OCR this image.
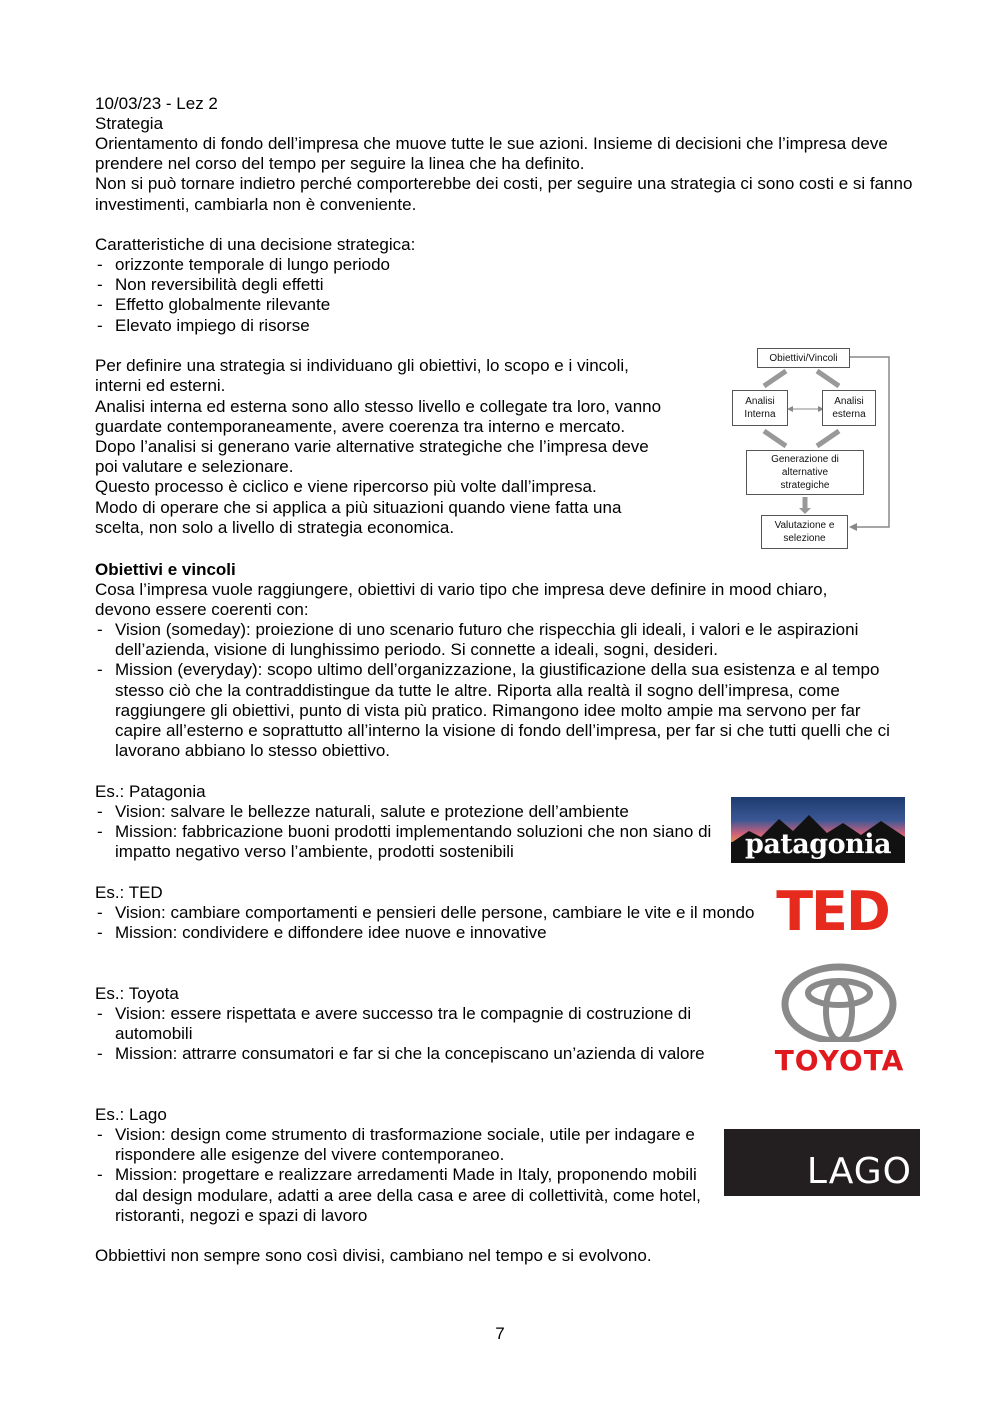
10/03/23 - Lez 2
Strategia

Orientamento di fondo dell’impresa che muove tutte le sue azioni. Insieme di decisioni che l’impresa deve prendere nel corso del tempo per seguire la linea che ha definito.

Non si può tornare indietro perché comporterebbe dei costi, per seguire una strategia ci sono costi e si fanno investimenti, cambiarla non è conveniente.

Caratteristiche di una decisione strategica:
- orizzonte temporale di lungo periodo
- Non reversibilità degli effetti
- Effetto globalmente rilevante
- Elevato impiego di risorse
Per definire una strategia si individuano gli obiettivi, lo scopo e i vincoli,
interni ed esterni.
Analisi interna ed esterna sono allo stesso livello e collegate tra loro, vanno
guardate contemporaneamente, avere coerenza tra interno e mercato.
Dopo l’analisi si generano varie alternative strategiche che l’impresa deve
poi valutare e selezionare.
Questo processo è ciclico e viene ripercorso più volte dall’impresa.
Modo di operare che si applica a più situazioni quando viene fatta una
scelta, non solo a livello di strategia economica.
Obiettivi/Vincoli
Analisi
Interna
Analisi
esterna
Generazione di
alternative
strategiche
Valutazione e
selezione
Obiettivi e vincoli
Cosa l’impresa vuole raggiungere, obiettivi di vario tipo che impresa deve definire in mood chiaro,
devono essere coerenti con:
- Vision (someday): proiezione di uno scenario futuro che rispecchia gli ideali, i valori e le aspirazioni dell’azienda, visione di lunghissimo periodo. Si connette a ideali, sogni, desideri.
- Mission (everyday): scopo ultimo dell’organizzazione, la giustificazione della sua esistenza e al tempo stesso ciò che la contraddistingue da tutte le altre. Riporta alla realtà il sogno dell’impresa, come raggiungere gli obiettivi, punto di vista più pratico. Rimangono idee molto ampie ma servono per far capire all’esterno e soprattutto all’interno la visione di fondo dell’impresa, per far si che tutti quelli che ci lavorano abbiano lo stesso obiettivo.
Es.: Patagonia
- Vision: salvare le bellezze naturali, salute e protezione dell’ambiente
- Mission: fabbricazione buoni prodotti implementando soluzioni che non siano di impatto negativo verso l’ambiente, prodotti sostenibili	patagonia
Es.: TED
- Vision: cambiare comportamenti e pensieri delle persone, cambiare le vite e il mondo
- Mission: condividere e diffondere idee nuove e innovative	TED
Es.: Toyota
- Vision: essere rispettata e avere successo tra le compagnie di costruzione di automobili
- Mission: attrarre consumatori e far si che la concepiscano un’azienda di valore	TOYOTA
Es.: Lago
- Vision: design come strumento di trasformazione sociale, utile per indagare e rispondere alle esigenze del vivere contemporaneo.
- Mission: progettare e realizzare arredamenti Made in Italy, proponendo mobili dal design modulare, adatti a aree della casa e aree di collettività, come hotel, ristoranti, negozi e spazi di lavoro
LAGO
Obbiettivi non sempre sono così divisi, cambiano nel tempo e si evolvono.
7
